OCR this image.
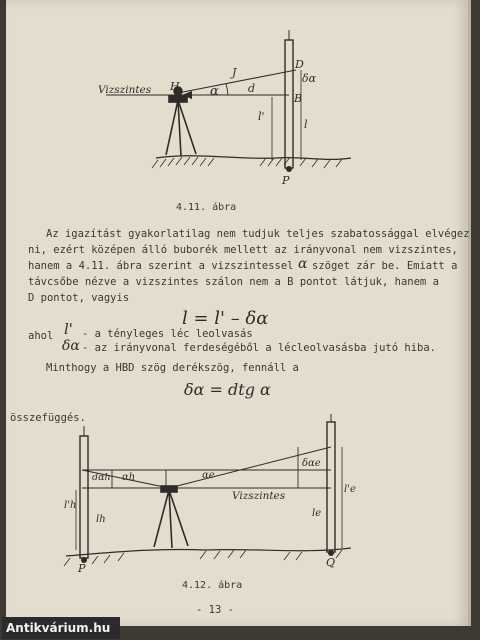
Vizszintes H
J
α	d
D
δα
B
l'
l
P
4.11. ábra
Az igazítást gyakorlatilag nem tudjuk teljes szabatossággal elvégez-
ni, ezért középen álló buborék mellett az irányvonal nem vizszintes,
hanem a 4.11. ábra szerint a vizszintessel α szöget zár be. Emiatt a
távcsőbe nézve a vizszintes szálon nem a B pontot látjuk, hanem a
D pontot, vagyis
l = l' – δα
ahol l' - a tényleges léc leolvasás
δα - az irányvonal ferdeségéből a lécleolvasásba jutó hiba.
Minthogy a HBD szög derékszög, fennáll a
δα = dtg α
összefüggés.
dαh αh	αe
δαe
Vizszintes
l'h
lh
l'e
le
P	Q
4.12. ábra
- 13 -
Antikvárium.hu
